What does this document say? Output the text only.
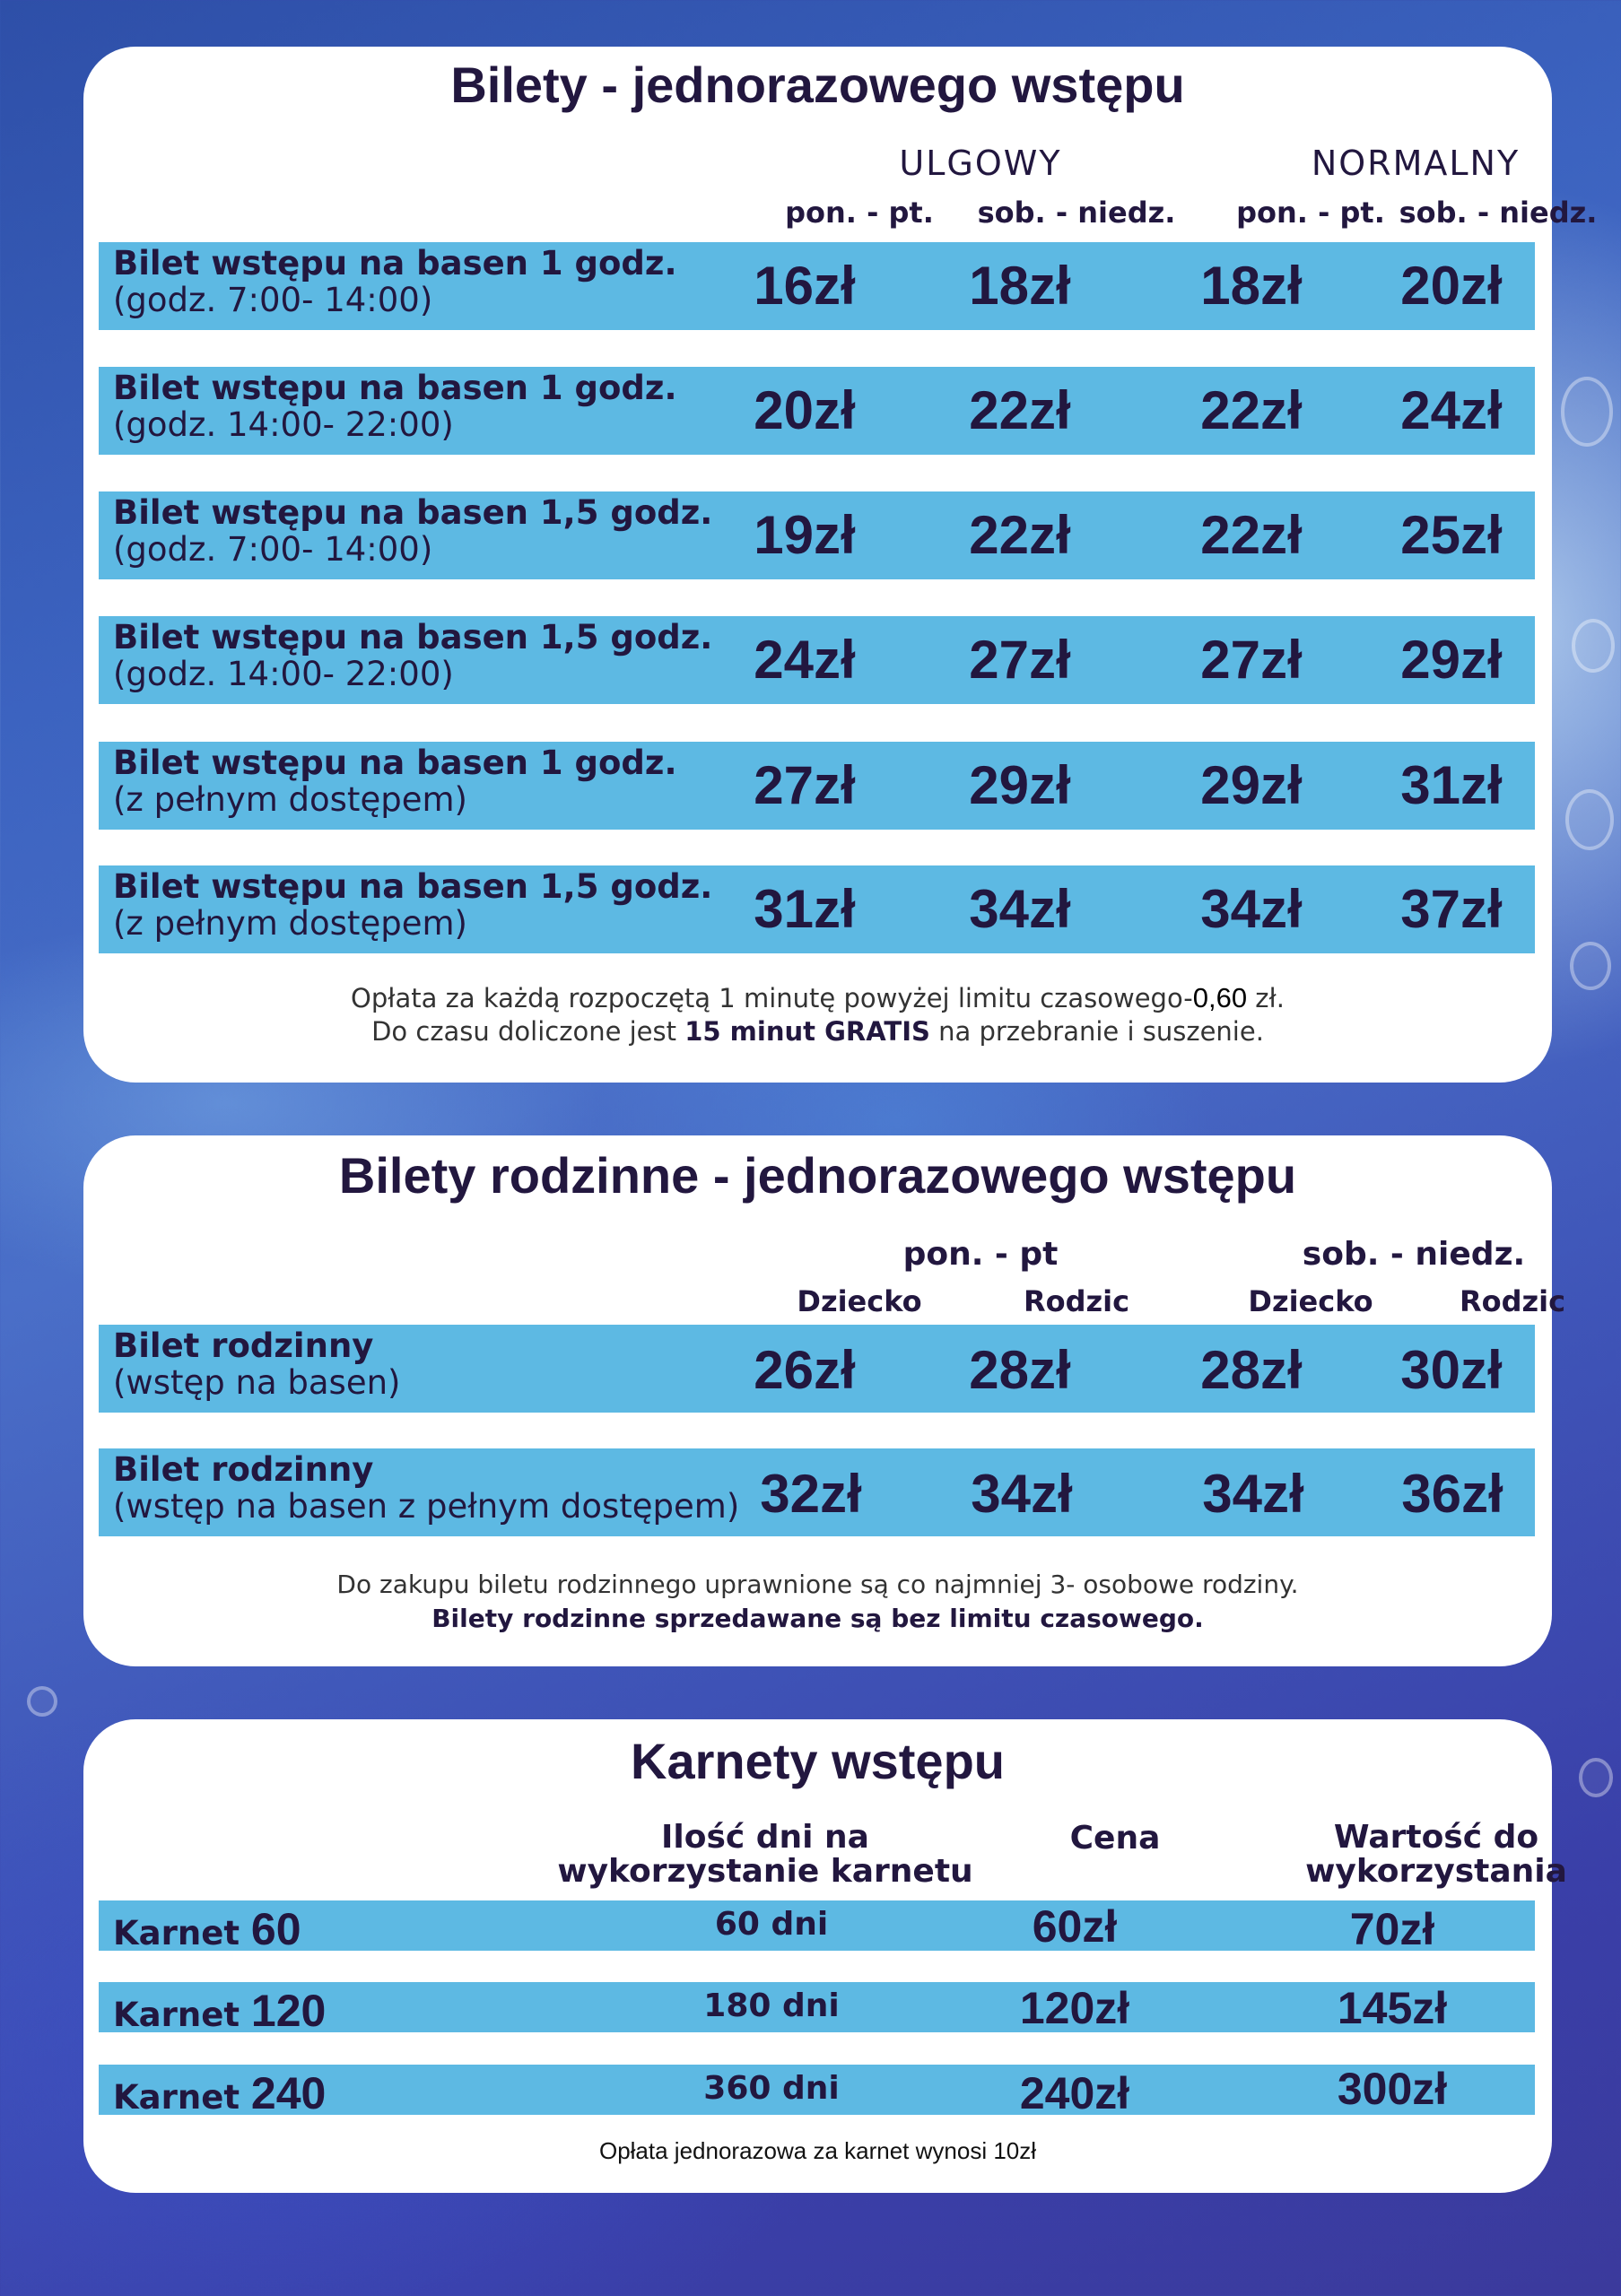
Bilety - jednorazowego wstępu
ULGOWY	NORMALNY
pon. - pt.	sob. - niedz.	pon. - pt. sob. - niedz.
Bilet wstępu na basen 1 godz.
(godz. 7:00- 14:00)	16zł	18zł	18zł	20zł
Bilet wstępu na basen 1 godz.
(godz. 14:00- 22:00)	20zł	22zł	22zł	24zł
Bilet wstępu na basen 1,5 godz.
(godz. 7:00- 14:00)	19zł	22zł	22zł	25zł
Bilet wstępu na basen 1,5 godz.
(godz. 14:00- 22:00)	24zł	27zł	27zł	29zł
Bilet wstępu na basen 1 godz.
(z pełnym dostępem)	27zł	29zł	29zł	31zł
Bilet wstępu na basen 1,5 godz.
(z pełnym dostępem)	31zł	34zł	34zł	37zł
Opłata za każdą rozpoczętą 1 minutę powyżej limitu czasowego-0,60 zł.
Do czasu doliczone jest 15 minut GRATIS na przebranie i suszenie.
Bilety rodzinne - jednorazowego wstępu
pon. - pt	sob. - niedz.
Dziecko	Rodzic	Dziecko	Rodzic
Bilet rodzinny
(wstęp na basen)	26zł	28zł	28zł	30zł
Bilet rodzinny
(wstęp na basen z pełnym dostępem) 32zł	34zł	34zł	36zł
Do zakupu biletu rodzinnego uprawnione są co najmniej 3- osobowe rodziny.
Bilety rodzinne sprzedawane są bez limitu czasowego.
Karnety wstępu
Ilość dni na
wykorzystanie karnetu
Cena	Wartość do
wykorzystania
Karnet 60	60 dni	60zł	70zł
Karnet 120	180 dni	120zł	145zł
Karnet 240	360 dni	240zł	300zł
Opłata jednorazowa za karnet wynosi 10zł
